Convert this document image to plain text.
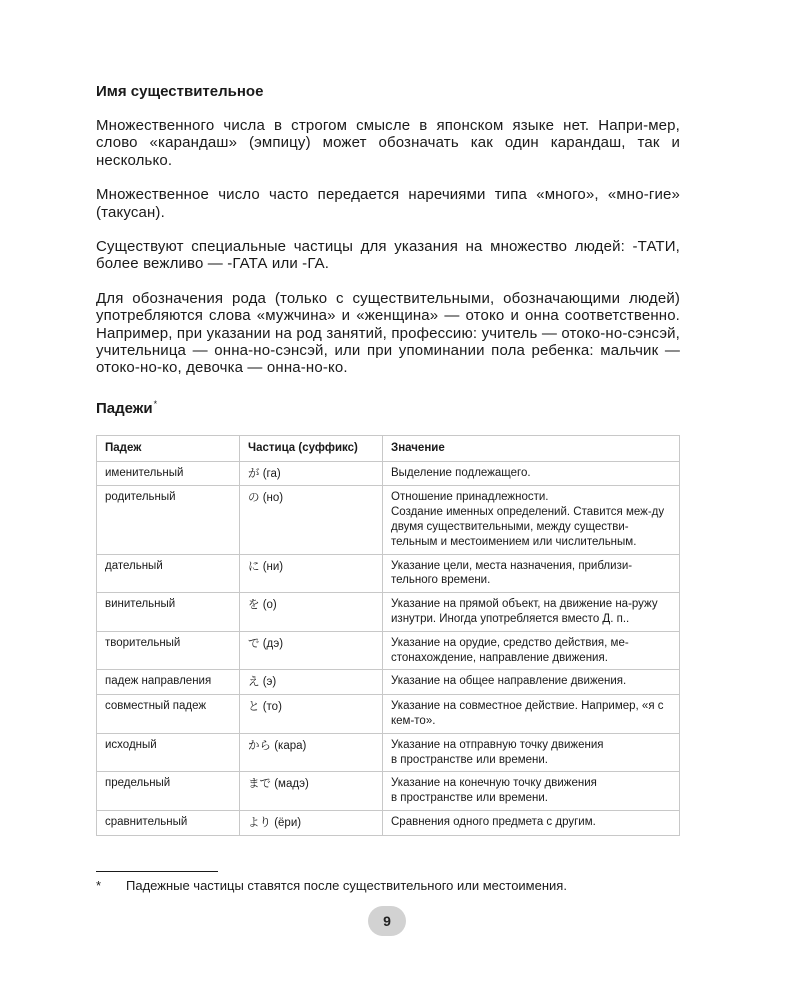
Имя существительное

Множественного числа в строгом смысле в японском языке нет. Напри-мер, слово «карандаш» (эмпицу) может обозначать как один карандаш, так и несколько.

Множественное число часто передается наречиями типа «много», «мно-гие» (такусан).

Существуют специальные частицы для указания на множество людей: -ТАТИ, более вежливо — -ГАТА или -ГА.

Для обозначения рода (только с существительными, обозначающими людей) употребляются слова «мужчина» и «женщина» — отоко и онна соответственно. Например, при указании на род занятий, профессию: учитель — отоко-но-сэнсэй, учительница — онна-но-сэнсэй, или при упоминании пола ребенка: мальчик — отоко-но-ко, девочка — онна-но-ко.

Падежи*
Падеж	Частица (суффикс)	Значение
именительный	が (га)	Выделение подлежащего.
родительный	の (но)	Отношение принадлежности.
Создание именных определений. Ставится меж-ду двумя существительными, между существи-тельным и местоимением или числительным.

дательный	に (ни)	Указание цели, места назначения, приблизи-тельного времени.
винительный	を (о)	Указание на прямой объект, на движение на-ружу изнутри. Иногда употребляется вместо Д. п..
творительный	で (дэ)	Указание на орудие, средство действия, ме-стонахождение, направление движения.
падеж направления	え (э)	Указание на общее направление движения.
совместный падеж	と (то)	Указание на совместное действие. Например, «я с кем-то».
исходный	から (кара)	Указание на отправную точку движения
в пространстве или времени.

предельный	まで (мадэ)	Указание на конечную точку движения
в пространстве или времени.

сравнительный	より (ёри)	Сравнения одного предмета с другим.
* Падежные частицы ставятся после существительного или местоимения.
9
